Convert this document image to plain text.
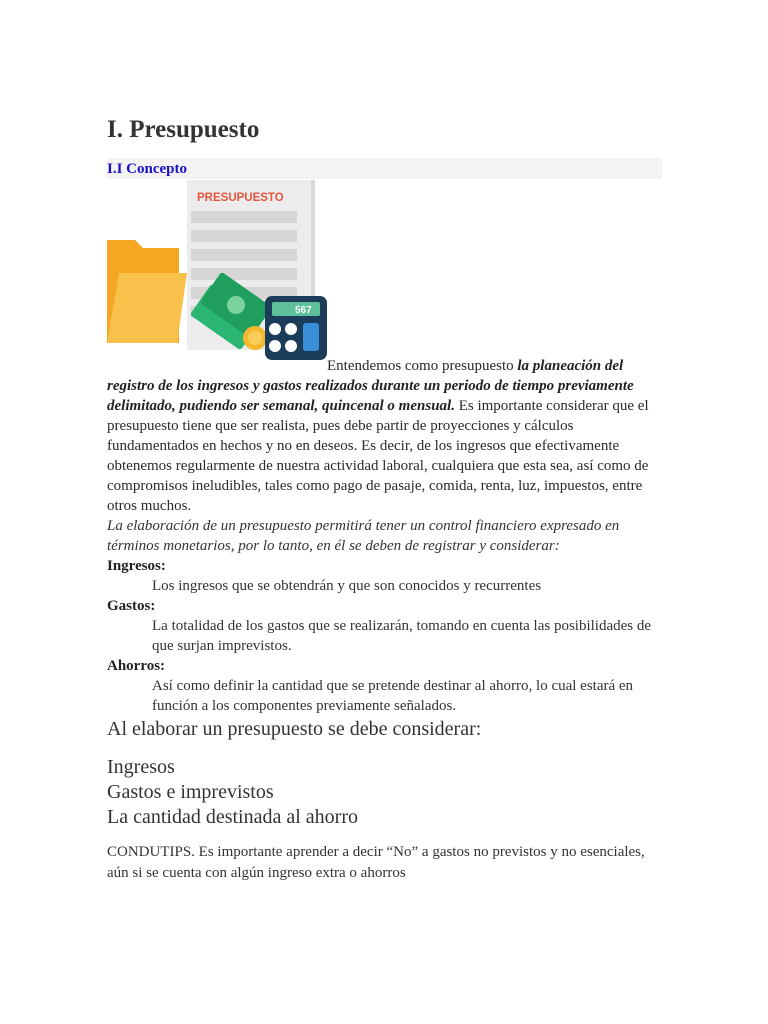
I. Presupuesto
I.I Concepto
PRESUPUESTO
567

Entendemos como presupuesto la planeación del registro de los ingresos y gastos realizados durante un periodo de tiempo previamente delimitado, pudiendo ser semanal, quincenal o mensual. Es importante considerar que el presupuesto tiene que ser realista, pues debe partir de proyecciones y cálculos fundamentados en hechos y no en deseos. Es decir, de los ingresos que efectivamente obtenemos regularmente de nuestra actividad laboral, cualquiera que esta sea, así como de compromisos ineludibles, tales como pago de pasaje, comida, renta, luz, impuestos, entre otros muchos.

La elaboración de un presupuesto permitirá tener un control financiero expresado en términos monetarios, por lo tanto, en él se deben de registrar y considerar:

Ingresos:

Los ingresos que se obtendrán y que son conocidos y recurrentes

Gastos:

La totalidad de los gastos que se realizarán, tomando en cuenta las posibilidades de que surjan imprevistos.

Ahorros:

Así como definir la cantidad que se pretende destinar al ahorro, lo cual estará en función a los componentes previamente señalados.

Al elaborar un presupuesto se debe considerar:

Ingresos

Gastos e imprevistos

La cantidad destinada al ahorro

CONDUTIPS. Es importante aprender a decir “No” a gastos no previstos y no esenciales, aún si se cuenta con algún ingreso extra o ahorros
